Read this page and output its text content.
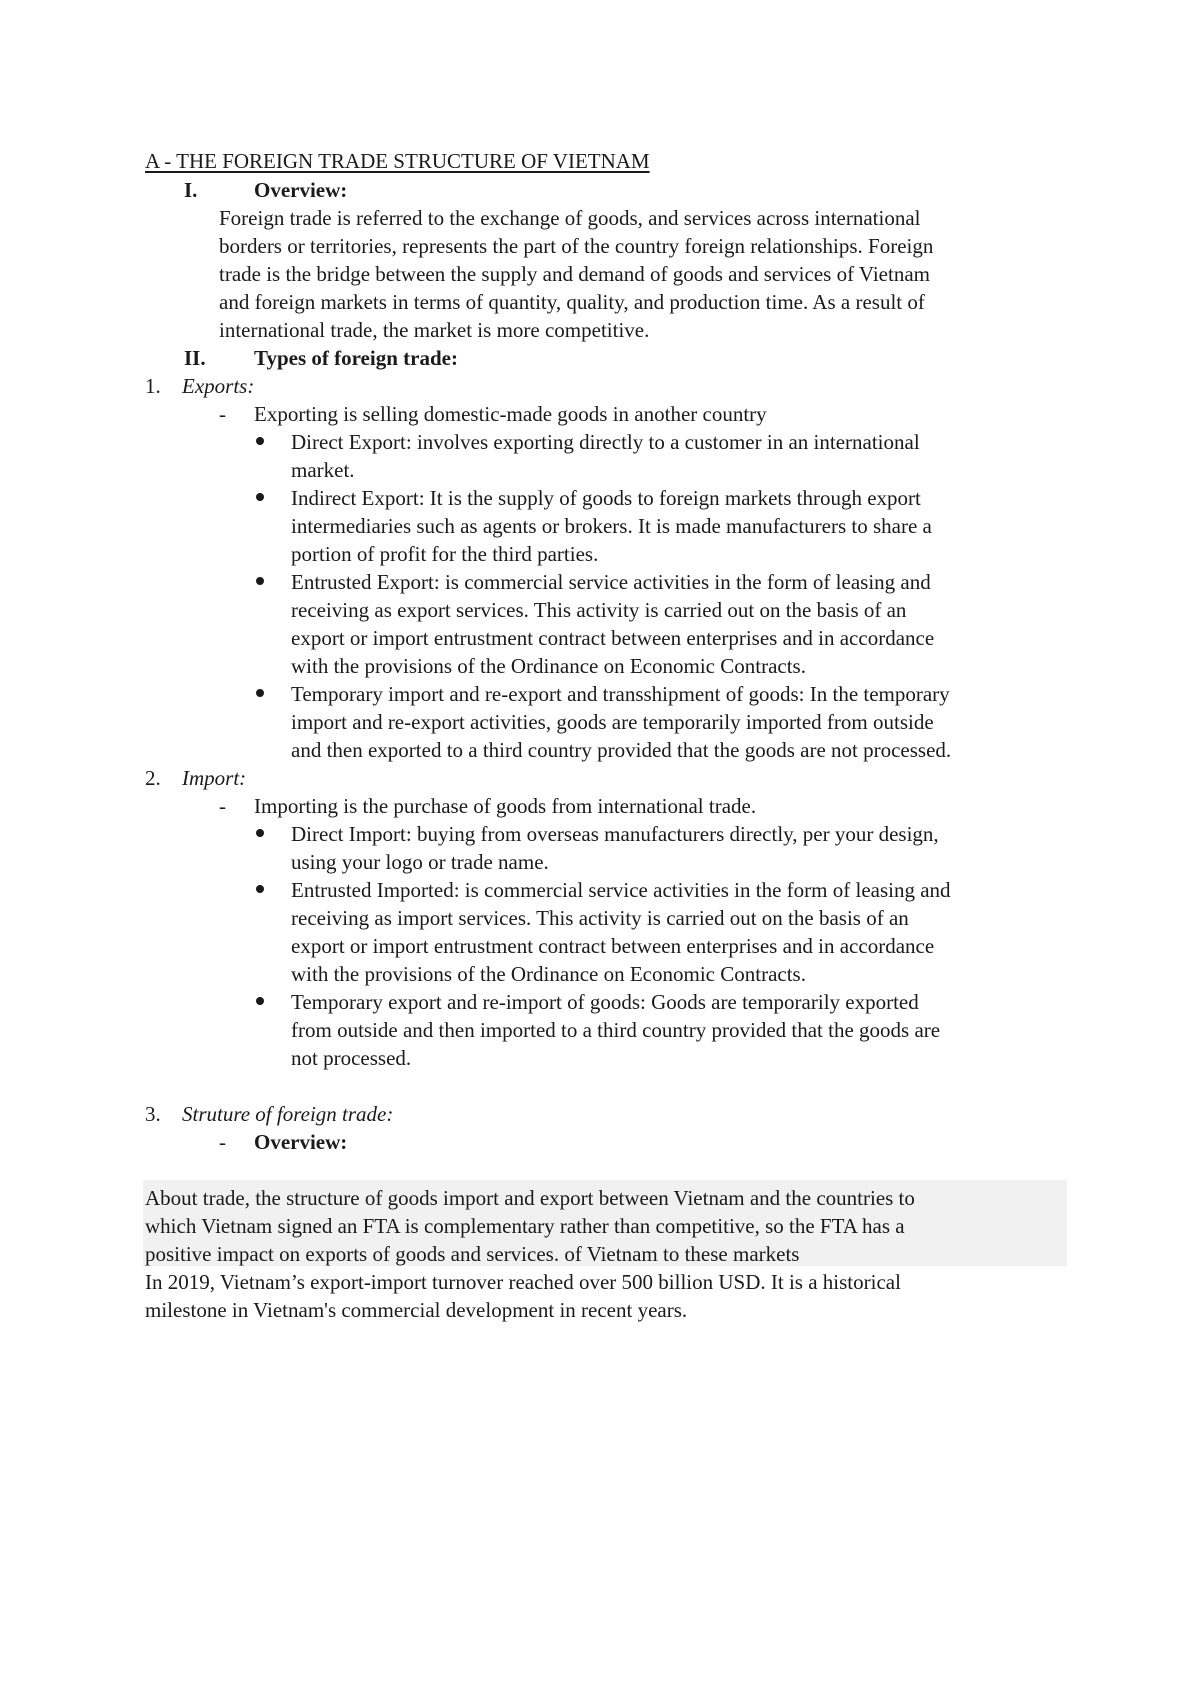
A - THE FOREIGN TRADE STRUCTURE OF VIETNAM
I.	Overview:
Foreign trade is referred to the exchange of goods, and services across international
borders or territories, represents the part of the country foreign relationships. Foreign
trade is the bridge between the supply and demand of goods and services of Vietnam
and foreign markets in terms of quantity, quality, and production time. As a result of
international trade, the market is more competitive.
II. Types of foreign trade:
1. Exports:
- Exporting is selling domestic-made goods in another country
Direct Export: involves exporting directly to a customer in an international
market.
Indirect Export: It is the supply of goods to foreign markets through export
intermediaries such as agents or brokers. It is made manufacturers to share a
portion of profit for the third parties.
Entrusted Export: is commercial service activities in the form of leasing and
receiving as export services. This activity is carried out on the basis of an
export or import entrustment contract between enterprises and in accordance
with the provisions of the Ordinance on Economic Contracts.
Temporary import and re-export and transshipment of goods: In the temporary
import and re-export activities, goods are temporarily imported from outside
and then exported to a third country provided that the goods are not processed.
2. Import:
- Importing is the purchase of goods from international trade.
Direct Import: buying from overseas manufacturers directly, per your design,
using your logo or trade name.
Entrusted Imported: is commercial service activities in the form of leasing and
receiving as import services. This activity is carried out on the basis of an
export or import entrustment contract between enterprises and in accordance
with the provisions of the Ordinance on Economic Contracts.
Temporary export and re-import of goods: Goods are temporarily exported
from outside and then imported to a third country provided that the goods are
not processed.
3. Struture of foreign trade:
- Overview:
About trade, the structure of goods import and export between Vietnam and the countries to
which Vietnam signed an FTA is complementary rather than competitive, so the FTA has a
positive impact on exports of goods and services. of Vietnam to these markets
In 2019, Vietnam’s export-import turnover reached over 500 billion USD. It is a historical
milestone in Vietnam's commercial development in recent years.
